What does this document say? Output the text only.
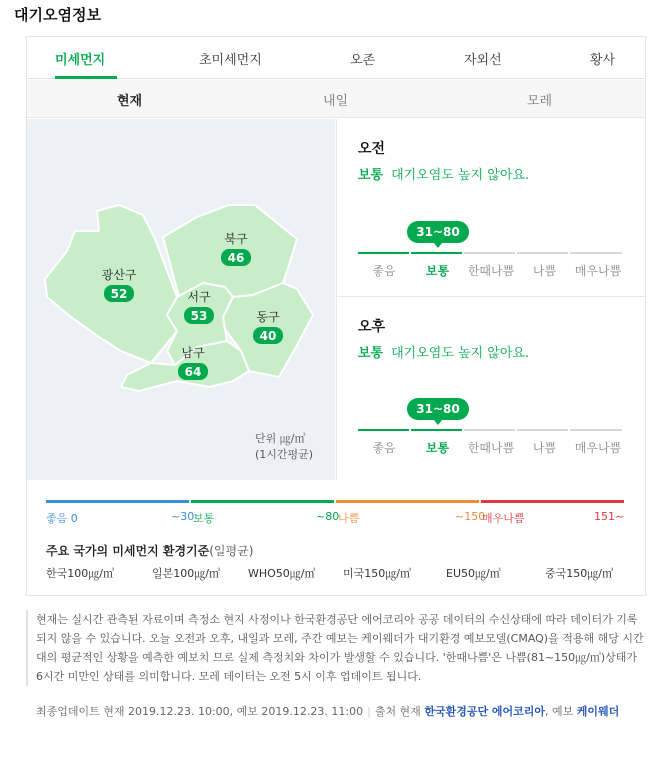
대기오염정보
미세먼지	초미세먼지	오존	자외선	황사
현재	내일	모레
광산구
52
북구
46
서구
53	동구
40
남구
64
단위 ㎍/㎥
(1시간평균)
오전
보통 대기오염도 높지 않아요.
31~80
좋음	보통	한때나쁨	나쁨	매우나쁨
오후
보통 대기오염도 높지 않아요.
31~80
좋음	보통	한때나쁨	나쁨	매우나쁨
좋음 0	~30
보통	~80
나쁨	~150
매우나쁨	151~
주요 국가의 미세먼지 환경기준(일평균)
한국100㎍/㎥	일본100㎍/㎥	WHO50㎍/㎥ 미국150㎍/㎥	EU50㎍/㎥	중국150㎍/㎥
현재는 실시간 관측된 자료이며 측정소 현지 사정이나 한국환경공단 에어코리아 공공 데이터의 수신상태에 따라 데이터가 기록되지 않을 수 있습니다. 오늘 오전과 오후, 내일과 모레, 주간 예보는 케이웨더가 대기환경 예보모델(CMAQ)을 적용해 해당 시간대의 평균적인 상황을 예측한 예보치 므로 실제 측정치와 차이가 발생할 수 있습니다. '한때나쁨'은 나쁨(81~150㎍/㎥)상태가 6시간 미만인 상태를 의미합니다. 모레 데이터는 오전 5시 이후 업데이트 됩니다.
최종업데이트 현재 2019.12.23. 10:00, 예보 2019.12.23. 11:00 | 출처 현재 한국환경공단 에어코리아, 예보 케이웨더
